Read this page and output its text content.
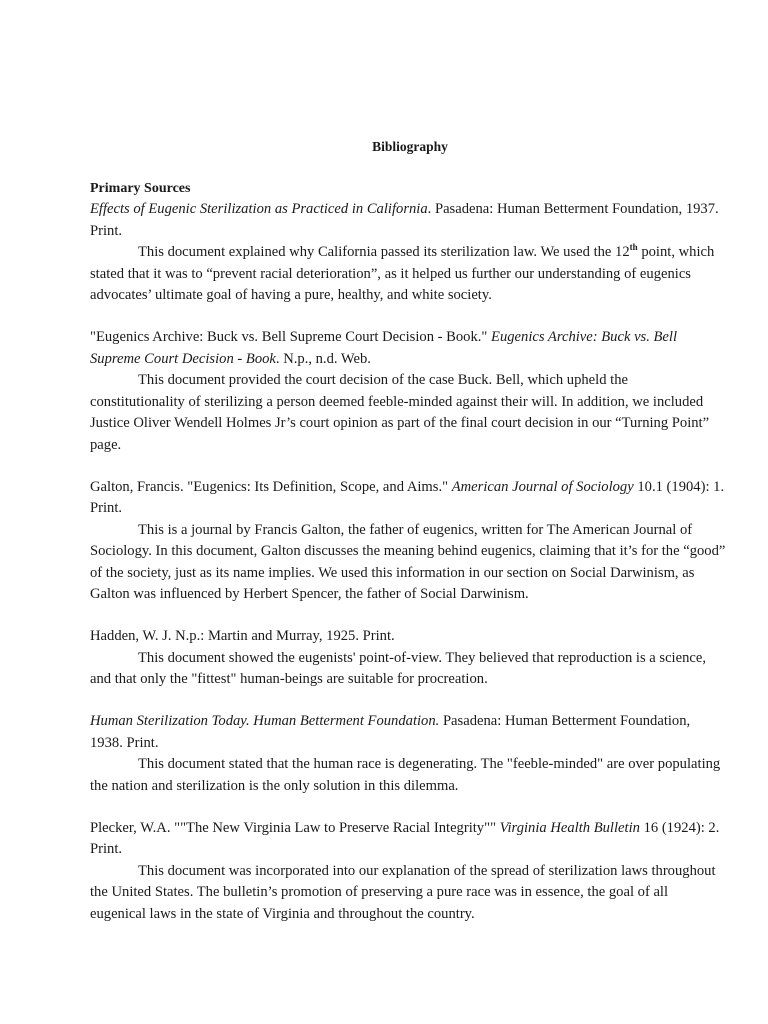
Bibliography
Primary Sources

Effects of Eugenic Sterilization as Practiced in California. Pasadena: Human Betterment Foundation, 1937. Print.

This document explained why California passed its sterilization law. We used the 12th point, which stated that it was to “prevent racial deterioration”, as it helped us further our understanding of eugenics advocates’ ultimate goal of having a pure, healthy, and white society.

"Eugenics Archive: Buck vs. Bell Supreme Court Decision - Book." Eugenics Archive: Buck vs. Bell Supreme Court Decision - Book. N.p., n.d. Web.

This document provided the court decision of the case Buck. Bell, which upheld the constitutionality of sterilizing a person deemed feeble-minded against their will. In addition, we included Justice Oliver Wendell Holmes Jr’s court opinion as part of the final court decision in our “Turning Point” page.

Galton, Francis. "Eugenics: Its Definition, Scope, and Aims." American Journal of Sociology 10.1 (1904): 1. Print.

This is a journal by Francis Galton, the father of eugenics, written for The American Journal of Sociology. In this document, Galton discusses the meaning behind eugenics, claiming that it’s for the “good” of the society, just as its name implies. We used this information in our section on Social Darwinism, as Galton was influenced by Herbert Spencer, the father of Social Darwinism.

Hadden, W. J. N.p.: Martin and Murray, 1925. Print.

This document showed the eugenists' point-of-view. They believed that reproduction is a science, and that only the "fittest" human-beings are suitable for procreation.

Human Sterilization Today. Human Betterment Foundation. Pasadena: Human Betterment Foundation, 1938. Print.

This document stated that the human race is degenerating. The "feeble-minded" are over populating the nation and sterilization is the only solution in this dilemma.

Plecker, W.A. ""The New Virginia Law to Preserve Racial Integrity"" Virginia Health Bulletin 16 (1924): 2. Print.

This document was incorporated into our explanation of the spread of sterilization laws throughout the United States. The bulletin’s promotion of preserving a pure race was in essence, the goal of all eugenical laws in the state of Virginia and throughout the country.
